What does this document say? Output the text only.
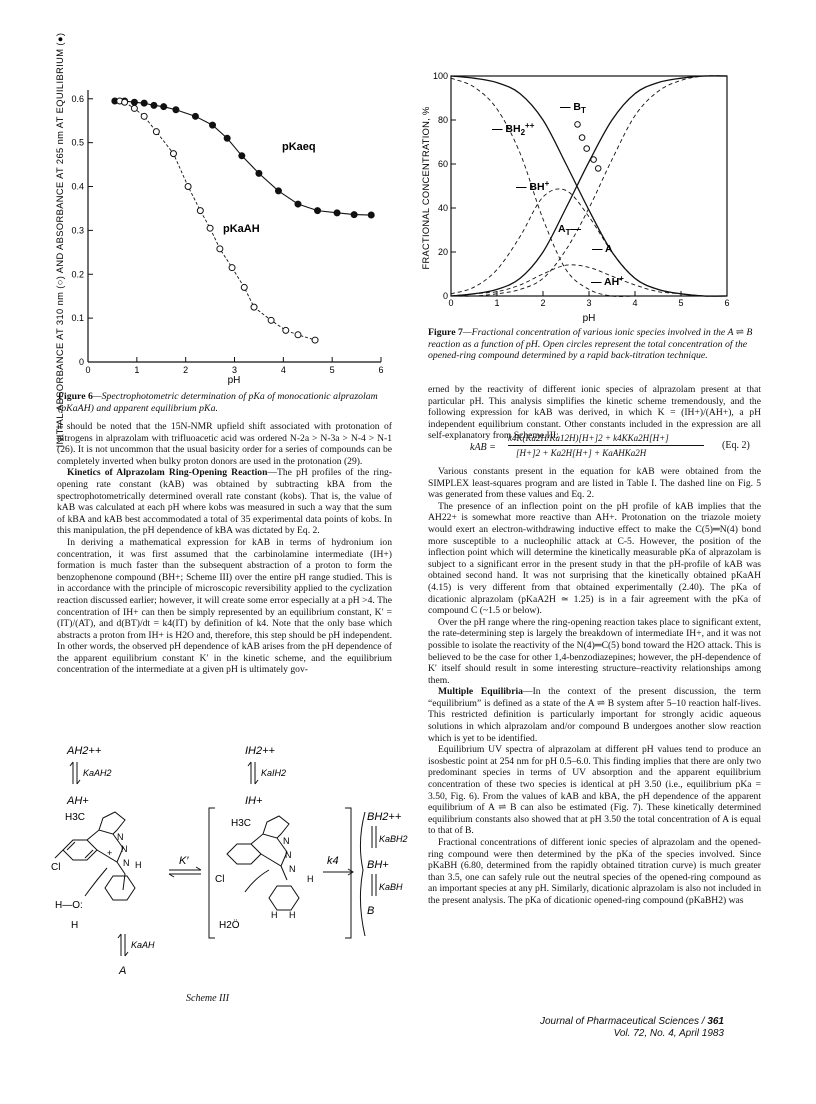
INITIAL ABSORBANCE AT 310 nm (○) AND ABSORBANCE AT 265 nm AT EQUILIBRIUM (●) 0	1	2	3	4	5	6
0
0.1
0.2
0.3
0.4
0.5
0.6
pKaeq
pKaAH
pH
Figure 6—Spectrophotometric determination of pKa of monocationic alprazolam (pKaAH) and apparent equilibrium pKa.
FRACTIONAL CONCENTRATION, %
0	1	2	3	4	5	6
0
20
40
60
80
100
— $B_T$
— $BH_2^{++}$
— BH+
$A_T—$
— A
— AH+
pH
Figure 7—Fractional concentration of various ionic species involved in the A ⇌ B reaction as a function of pH. Open circles represent the total concentration of the opened-ring compound determined by a rapid back-titration technique.

it should be noted that the 15N-NMR upfield shift associated with protonation of nitrogens in alprazolam with trifluoacetic acid was ordered N-2a > N-3a > N-4 > N-1 (26). It is not uncommon that the usual basicity order for a series of compounds can be completely inverted when bulky proton donors are used in the protonation (29).

Kinetics of Alprazolam Ring-Opening Reaction—The pH profiles of the ring-opening rate constant (kAB) was obtained by subtracting kBA from the spectrophotometrically determined overall rate constant (kobs). That is, the value of kAB was calculated at each pH where kobs was measured in such a way that the sum of kBA and kAB best accommodated a total of 35 experimental data points of kobs. In this manipulation, the pH dependence of kBA was dictated by Eq. 2.

In deriving a mathematical expression for kAB in terms of hydronium ion concentration, it was first assumed that the carbinolamine intermediate (IH+) formation is much faster than the subsequent abstraction of a proton to form the benzophenone compound (BH+; Scheme III) over the entire pH range studied. This is in accordance with the principle of microscopic reversibility applied to the cyclization reaction discussed earlier; however, it will create some error especially at a pH >4. The concentration of IH+ can then be simply represented by an equilibrium constant, K′ = (IT)/(AT), and d(BT)/dt = k4(IT) by definition of k4. Note that the only base which abstracts a proton from IH+ is H2O and, therefore, this step should be pH independent. In other words, the observed pH dependence of kAB arises from the pH dependence of the apparent equilibrium constant K′ in the kinetic scheme, and the equilibrium concentration of the intermediate at a given pH is ultimately gov-

erned by the reactivity of different ionic species of alprazolam present at that particular pH. This analysis simplifies the kinetic scheme tremendously, and the following expression for kAB was derived, in which K = (IH+)/(AH+), a pH independent equilibrium constant. Other constants included in the expression are all self-explanatory from Scheme III:

kAB =
k4K(Ka2H/Ka12H)[H+]2 + k4KKa2H[H+]
[H+]2 + Ka2H[H+] + KaAHKa2H
(Eq. 2)

Various constants present in the equation for kAB were obtained from the SIMPLEX least-squares program and are listed in Table I. The dashed line on Fig. 5 was generated from these values and Eq. 2.

The presence of an inflection point on the pH profile of kAB implies that the AH22+ is somewhat more reactive than AH+. Protonation on the triazole moiety would exert an electron-withdrawing inductive effect to make the C(5)═N(4) bond more susceptible to a nucleophilic attack at C-5. However, the position of the inflection point which will determine the kinetically measurable pKa of alprazolam is subject to a significant error in the present study in that the pH-profile of kAB was obtained second hand. It was not surprising that the kinetically obtained pKaAH (4.15) is very different from that obtained experimentally (2.40). The pKa of dicationic alprazolam (pKaA2H ≃ 1.25) is in a fair agreement with the pKa of compound C (~1.5 or below).

Over the pH range where the ring-opening reaction takes place to significant extent, the rate-determining step is largely the breakdown of intermediate IH+, and it was not possible to isolate the reactivity of the N(4)═C(5) bond toward the H2O attack. This is believed to be the case for other 1,4-benzodiazepines; however, the pH-dependence of K′ itself should result in some interesting structure–reactivity relationships among them.

Multiple Equilibria—In the context of the present discussion, the term “equilibrium” is defined as a state of the A ⇌ B system after 5–10 reaction half-lives. This restricted definition is particularly important for strongly acidic aqueous solutions in which alprazolam and/or compound B undergoes another slow reaction which is yet to be identified.

Equilibrium UV spectra of alprazolam at different pH values tend to produce an isosbestic point at 254 nm for pH 0.5–6.0. This finding implies that there are only two predominant species in terms of UV absorption and the apparent equilibrium concentration of these two species is identical at pH 3.50 (i.e., equilibrium pKa = 3.50, Fig. 6). From the values of kAB and kBA, the pH dependence of the apparent equilibrium of A ⇌ B can also be estimated (Fig. 7). These kinetically determined equilibrium constants also showed that at pH 3.50 the total concentration of A is equal to that of B.

Fractional concentrations of different ionic species of alprazolam and the opened-ring compound were then determined by the pKa of the species involved. Since pKaBH (6.80, determined from the rapidly obtained titration curve) is much greater than 3.5, one can safely rule out the neutral species of the opened-ring compound as an important species at any pH. Similarly, dicationic alprazolam is also not included in the present analysis. The pKa of dicationic opened-ring compound (pKaBH2) was

AH2++
KaAH2
AH+
IH2++
KaIH2
IH+
H3C
Cl
N
N
N H
+
H—O:
H
K′
H3C
Cl
H2Ö
N
N
N
H
H H
k4
BH2++
KaBH2
BH+
KaBH
B
KaAH
A
Scheme III
Journal of Pharmaceutical Sciences / 361
Vol. 72, No. 4, April 1983
